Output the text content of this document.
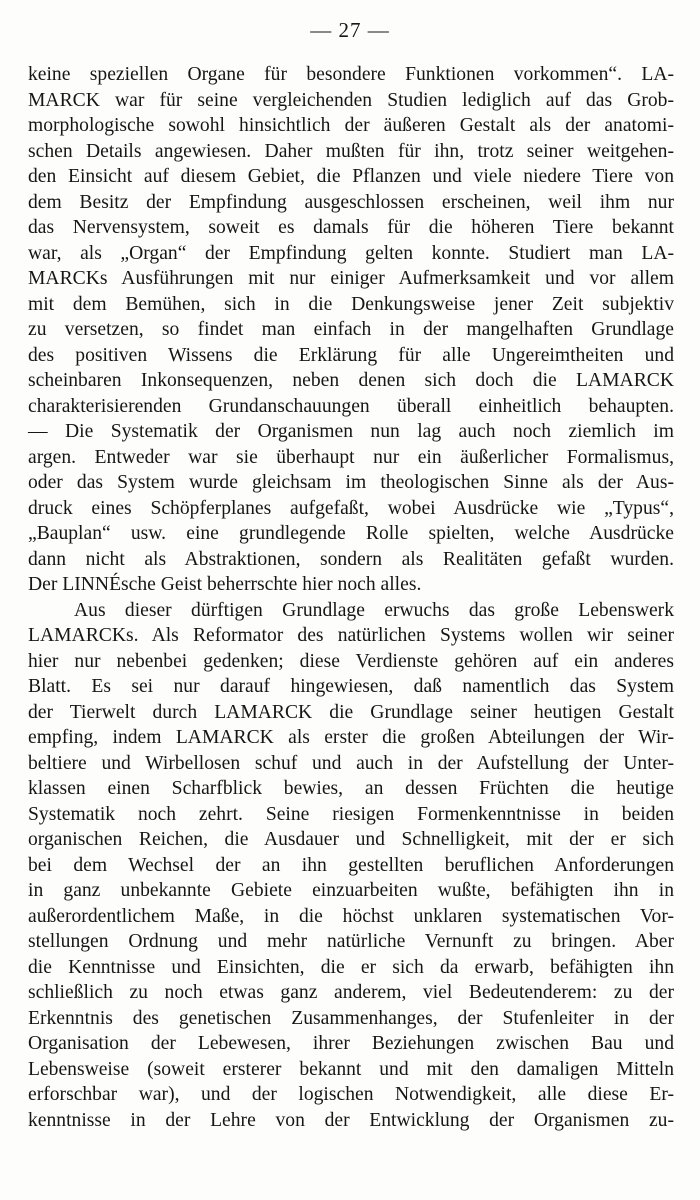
— 27 —
keine speziellen Organe für besondere Funktionen vorkommen“. LA-
MARCK war für seine vergleichenden Studien lediglich auf das Grob-
morphologische sowohl hinsichtlich der äußeren Gestalt als der anatomi-
schen Details angewiesen. Daher mußten für ihn, trotz seiner weitgehen-
den Einsicht auf diesem Gebiet, die Pflanzen und viele niedere Tiere von
dem Besitz der Empfindung ausgeschlossen erscheinen, weil ihm nur
das Nervensystem, soweit es damals für die höheren Tiere bekannt
war, als „Organ“ der Empfindung gelten konnte. Studiert man LA-
MARCKs Ausführungen mit nur einiger Aufmerksamkeit und vor allem
mit dem Bemühen, sich in die Denkungsweise jener Zeit subjektiv
zu versetzen, so findet man einfach in der mangelhaften Grundlage
des positiven Wissens die Erklärung für alle Ungereimtheiten und
scheinbaren Inkonsequenzen, neben denen sich doch die LAMARCK
charakterisierenden Grundanschauungen überall einheitlich behaupten.
— Die Systematik der Organismen nun lag auch noch ziemlich im
argen. Entweder war sie überhaupt nur ein äußerlicher Formalismus,
oder das System wurde gleichsam im theologischen Sinne als der Aus-
druck eines Schöpferplanes aufgefaßt, wobei Ausdrücke wie „Typus“,
„Bauplan“ usw. eine grundlegende Rolle spielten, welche Ausdrücke
dann nicht als Abstraktionen, sondern als Realitäten gefaßt wurden.
Der LINNÉsche Geist beherrschte hier noch alles.
Aus dieser dürftigen Grundlage erwuchs das große Lebenswerk
LAMARCKs. Als Reformator des natürlichen Systems wollen wir seiner
hier nur nebenbei gedenken; diese Verdienste gehören auf ein anderes
Blatt. Es sei nur darauf hingewiesen, daß namentlich das System
der Tierwelt durch LAMARCK die Grundlage seiner heutigen Gestalt
empfing, indem LAMARCK als erster die großen Abteilungen der Wir-
beltiere und Wirbellosen schuf und auch in der Aufstellung der Unter-
klassen einen Scharfblick bewies, an dessen Früchten die heutige
Systematik noch zehrt. Seine riesigen Formenkenntnisse in beiden
organischen Reichen, die Ausdauer und Schnelligkeit, mit der er sich
bei dem Wechsel der an ihn gestellten beruflichen Anforderungen
in ganz unbekannte Gebiete einzuarbeiten wußte, befähigten ihn in
außerordentlichem Maße, in die höchst unklaren systematischen Vor-
stellungen Ordnung und mehr natürliche Vernunft zu bringen. Aber
die Kenntnisse und Einsichten, die er sich da erwarb, befähigten ihn
schließlich zu noch etwas ganz anderem, viel Bedeutenderem: zu der
Erkenntnis des genetischen Zusammenhanges, der Stufenleiter in der
Organisation der Lebewesen, ihrer Beziehungen zwischen Bau und
Lebensweise (soweit ersterer bekannt und mit den damaligen Mitteln
erforschbar war), und der logischen Notwendigkeit, alle diese Er-
kenntnisse in der Lehre von der Entwicklung der Organismen zu-
